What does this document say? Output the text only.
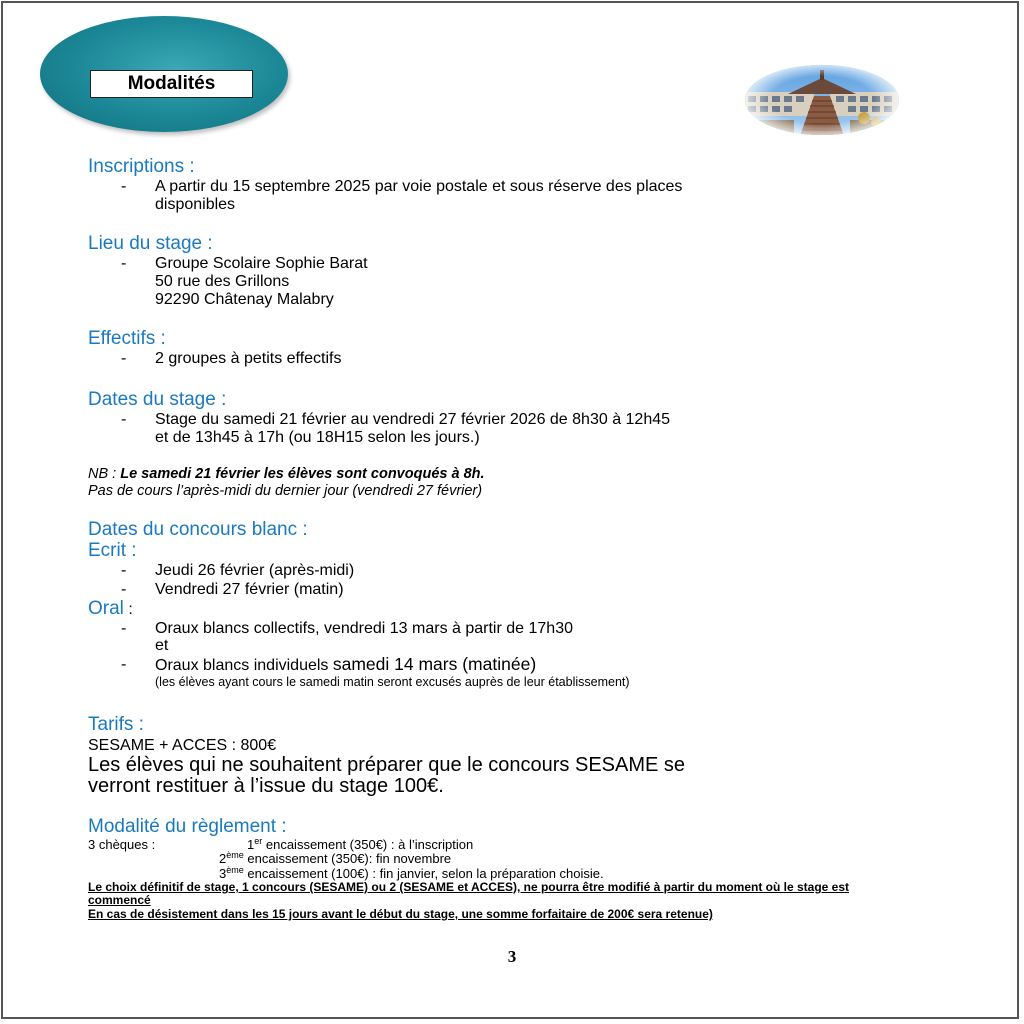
Modalités
Inscriptions :
- A partir du 15 septembre 2025 par voie postale et sous réserve des places
disponibles
Lieu du stage :
- Groupe Scolaire Sophie Barat
50 rue des Grillons
92290 Châtenay Malabry
Effectifs :
- 2 groupes à petits effectifs
Dates du stage :
- Stage du samedi 21 février au vendredi 27 février 2026 de 8h30 à 12h45
et de 13h45 à 17h (ou 18H15 selon les jours.)
NB : Le samedi 21 février les élèves sont convoqués à 8h.
Pas de cours l’après-midi du dernier jour (vendredi 27 février)
Dates du concours blanc :
Ecrit :
- Jeudi 26 février (après-midi)
- Vendredi 27 février (matin)
Oral :
- Oraux blancs collectifs, vendredi 13 mars à partir de 17h30
et
- Oraux blancs individuels samedi 14 mars (matinée)
(les élèves ayant cours le samedi matin seront excusés auprès de leur établissement)
Tarifs :
SESAME + ACCES : 800€
Les élèves qui ne souhaitent préparer que le concours SESAME se
verront restituer à l’issue du stage 100€.
Modalité du règlement :
3 chèques :	1er encaissement (350€) : à l’inscription
2ème encaissement (350€): fin novembre
3ème encaissement (100€) : fin janvier, selon la préparation choisie.
Le choix définitif de stage, 1 concours (SESAME) ou 2 (SESAME et ACCES), ne pourra être modifié à partir du moment où le stage est commencé
En cas de désistement dans les 15 jours avant le début du stage, une somme forfaitaire de 200€ sera retenue)
3
